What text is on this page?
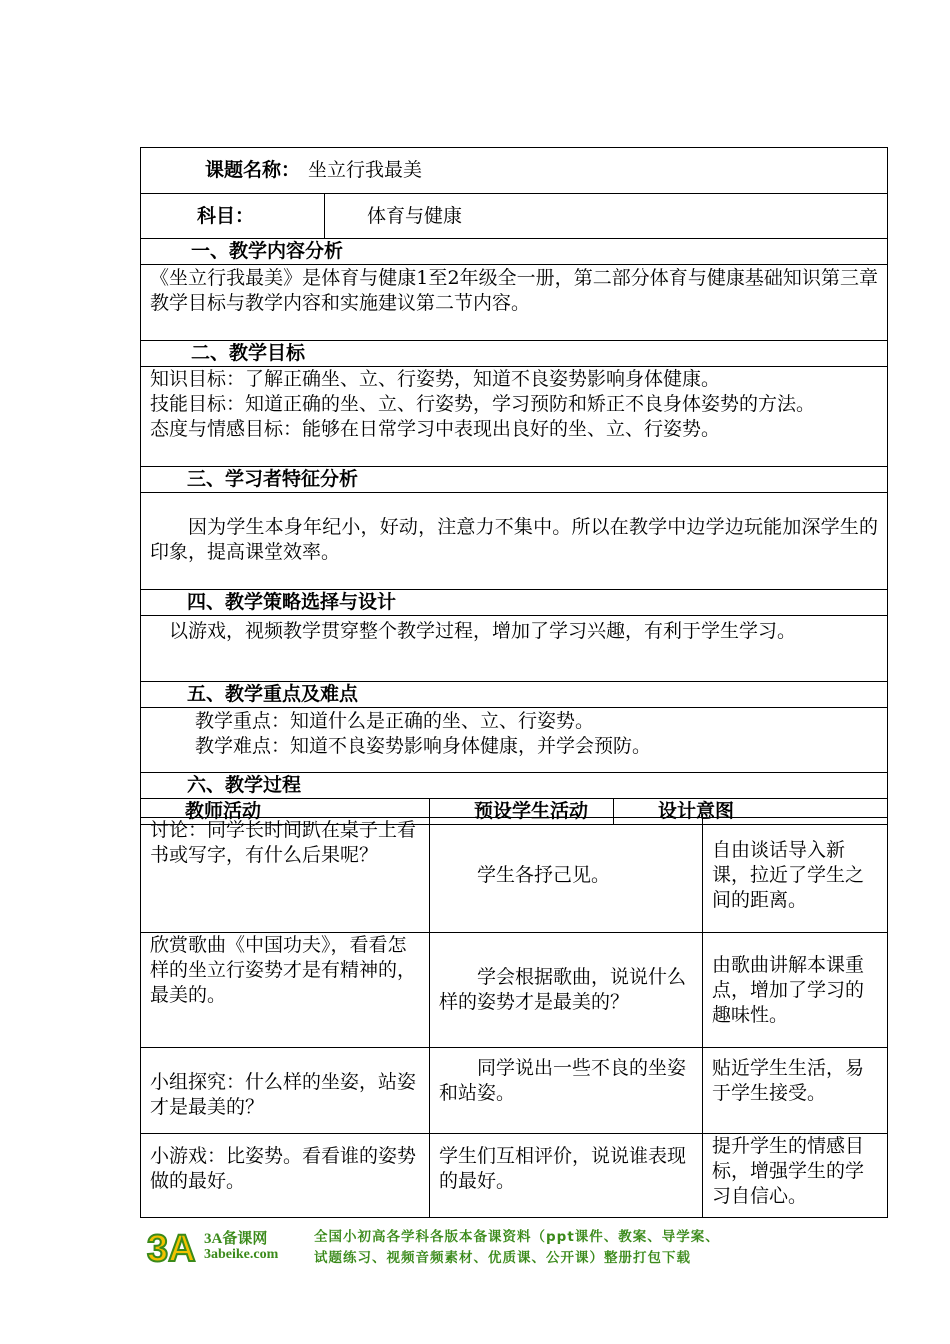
课题名称： 坐立行我最美			
科目：	体育与健康		
一、教学内容分析			
《坐立行我最美》是体育与健康1至2年级全一册，第二部分体育与健康基础知识第三章教学目标与教学内容和实施建议第二节内容。			
二、教学目标			

知识目标：了解正确坐、立、行姿势，知道不良姿势影响身体健康。
技能目标：知道正确的坐、立、行姿势，学习预防和矫正不良身体姿势的方法。
态度与情感目标：能够在日常学习中表现出良好的坐、立、行姿势。			

三、学习者特征分析			
因为学生本身年纪小，好动，注意力不集中。所以在教学中边学边玩能加深学生的印象，提高课堂效率。			
四、教学策略选择与设计			
以游戏，视频教学贯穿整个教学过程，增加了学习兴趣，有利于学生学习。			
五、教学重点及难点			

教学重点：知道什么是正确的坐、立、行姿势。
教学难点：知道不良姿势影响身体健康，并学会预防。			

六、教学过程			
教师活动		预设学生活动	设计意图
讨论：同学长时间趴在桌子上看书或写字，有什么后果呢？	学生各抒己见。	自由谈话导入新课，拉近了学生之间的距离。
欣赏歌曲《中国功夫》，看看怎样的坐立行姿势才是有精神的，最美的。	学会根据歌曲，说说什么样的姿势才是最美的？	由歌曲讲解本课重点，增加了学习的趣味性。
小组探究：什么样的坐姿，站姿才是最美的？	同学说出一些不良的坐姿和站姿。	贴近学生生活，易于学生接受。
小游戏：比姿势。看看谁的姿势做的最好。	学生们互相评价，说说谁表现的最好。	提升学生的情感目标，增强学生的学习自信心。
3A 3A备课网
3abeike.com
全国小初高各学科各版本备课资料（ppt课件、教案、导学案、
试题练习、视频音频素材、优质课、公开课）整册打包下载
